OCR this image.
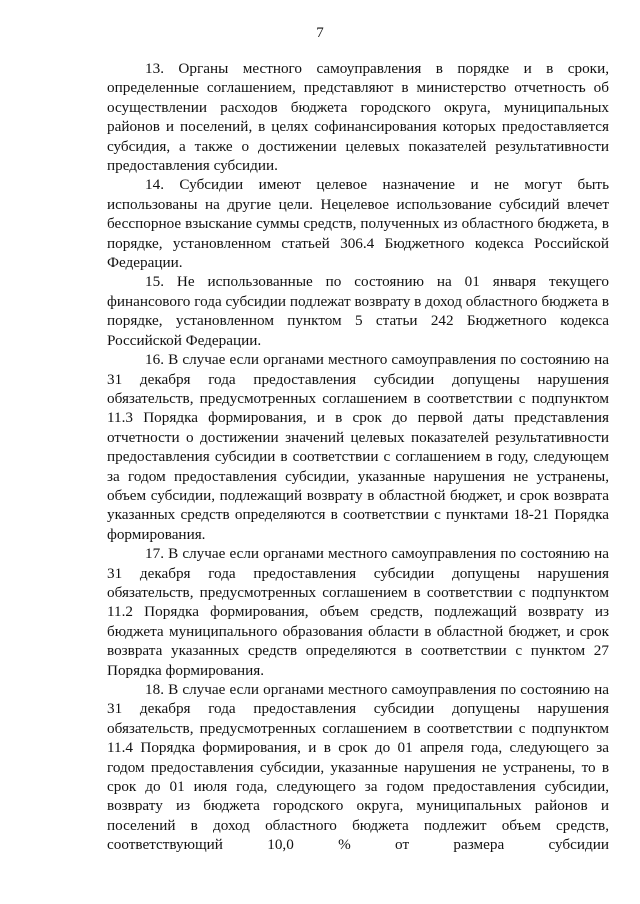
7

13. Органы местного самоуправления в порядке и в сроки, определенные соглашением, представляют в министерство отчетность об осуществлении расходов бюджета городского округа, муниципальных районов и поселений, в целях софинансирования которых предоставляется субсидия, а также о достижении целевых показателей результативности предоставления субсидии.

14. Субсидии имеют целевое назначение и не могут быть использованы на другие цели. Нецелевое использование субсидий влечет бесспорное взыскание суммы средств, полученных из областного бюджета, в порядке, установленном статьей 306.4 Бюджетного кодекса Российской Федерации.

15. Не использованные по состоянию на 01 января текущего финансового года субсидии подлежат возврату в доход областного бюджета в порядке, установленном пунктом 5 статьи 242 Бюджетного кодекса Российской Федерации.

16. В случае если органами местного самоуправления по состоянию на 31 декабря года предоставления субсидии допущены нарушения обязательств, предусмотренных соглашением в соответствии с подпунктом 11.3 Порядка формирования, и в срок до первой даты представления отчетности о достижении значений целевых показателей результативности предоставления субсидии в соответствии с соглашением в году, следующем за годом предоставления субсидии, указанные нарушения не устранены, объем субсидии, подлежащий возврату в областной бюджет, и срок возврата указанных средств определяются в соответствии с пунктами 18-21 Порядка формирования.

17. В случае если органами местного самоуправления по состоянию на 31 декабря года предоставления субсидии допущены нарушения обязательств, предусмотренных соглашением в соответствии с подпунктом 11.2 Порядка формирования, объем средств, подлежащий возврату из бюджета муниципального образования области в областной бюджет, и срок возврата указанных средств определяются в соответствии с пунктом 27 Порядка формирования.

18. В случае если органами местного самоуправления по состоянию на 31 декабря года предоставления субсидии допущены нарушения обязательств, предусмотренных соглашением в соответствии с подпунктом 11.4 Порядка формирования, и в срок до 01 апреля года, следующего за годом предоставления субсидии, указанные нарушения не устранены, то в срок до 01 июля года, следующего за годом предоставления субсидии, возврату из бюджета городского округа, муниципальных районов и поселений в доход областного бюджета подлежит объем средств, соответствующий 10,0 % от размера субсидии
